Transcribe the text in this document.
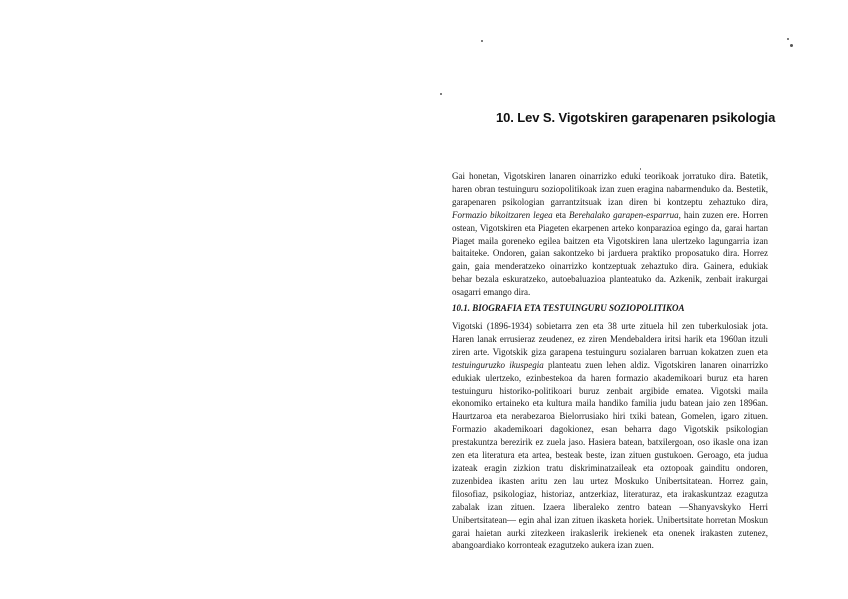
10. Lev S. Vigotskiren garapenaren psikologia

Gai honetan, Vigotskiren lanaren oinarrizko eduki teorikoak jorratuko dira. Batetik, haren obran testuinguru soziopolitikoak izan zuen eragina nabarmenduko da. Bestetik, garapenaren psikologian garrantzitsuak izan diren bi kontzeptu zehaztuko dira, Formazio bikoitzaren legea eta Berehalako garapen-esparrua, hain zuzen ere. Horren ostean, Vigotskiren eta Piageten ekarpenen arteko konparazioa egingo da, garai hartan Piaget maila goreneko egilea baitzen eta Vigotskiren lana ulertzeko lagungarria izan baitaiteke. Ondoren, gaian sakontzeko bi jarduera praktiko proposatuko dira. Horrez gain, gaia menderatzeko oinarrizko kontzeptuak zehaztuko dira. Gainera, edukiak behar bezala eskuratzeko, autoebaluazioa planteatuko da. Azkenik, zenbait irakurgai osagarri emango dira.

10.1. BIOGRAFIA ETA TESTUINGURU SOZIOPOLITIKOA

Vigotski (1896-1934) sobietarra zen eta 38 urte zituela hil zen tuberkulosiak jota. Haren lanak errusieraz zeudenez, ez ziren Mendebaldera iritsi harik eta 1960an itzuli ziren arte. Vigotskik giza garapena testuinguru sozialaren barruan kokatzen zuen eta testuinguruzko ikuspegia planteatu zuen lehen aldiz. Vigotskiren lanaren oinarrizko edukiak ulertzeko, ezinbestekoa da haren formazio akademikoari buruz eta haren testuinguru historiko-politikoari buruz zenbait argibide ematea. Vigotski maila ekonomiko ertaineko eta kultura maila handiko familia judu batean jaio zen 1896an. Haurtzaroa eta nerabezaroa Bielorrusiako hiri txiki batean, Gomelen, igaro zituen. Formazio akademikoari dagokionez, esan beharra dago Vigotskik psikologian prestakuntza berezirik ez zuela jaso. Hasiera batean, batxilergoan, oso ikasle ona izan zen eta literatura eta artea, besteak beste, izan zituen gustukoen. Geroago, eta judua izateak eragin zizkion tratu diskriminatzaileak eta oztopoak gainditu ondoren, zuzenbidea ikasten aritu zen lau urtez Moskuko Unibertsitatean. Horrez gain, filosofiaz, psikologiaz, historiaz, antzerkiaz, literaturaz, eta irakaskuntzaz ezagutza zabalak izan zituen. Izaera liberaleko zentro batean —Shanyavskyko Herri Unibertsitatean— egin ahal izan zituen ikasketa horiek. Unibertsitate horretan Moskun garai haietan aurki zitezkeen irakaslerik irekienek eta onenek irakasten zutenez, abangoardiako korronteak ezagutzeko aukera izan zuen.
